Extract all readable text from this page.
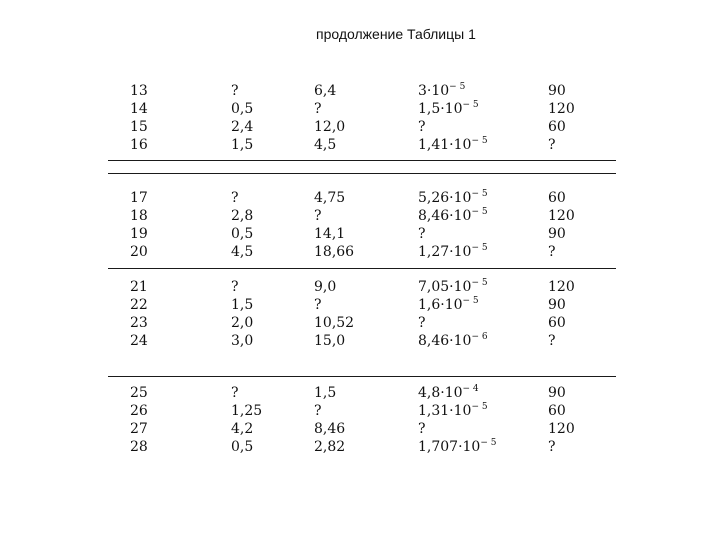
продолжение Таблицы 1
13	?	6,4	$3\cdot 10^{- 5}$	90
14	0,5	?	$1,5\cdot 10^{- 5}$	120
15	2,4	12,0	?	60
16	1,5	4,5	$1,41\cdot 10^{- 5}$	?
17	?	4,75	$5,26\cdot 10^{- 5}$	60
18	2,8	?	$8,46\cdot 10^{- 5}$	120
19	0,5	14,1	?	90
20	4,5	18,66	$1,27\cdot 10^{- 5}$	?
21	?	9,0	$7,05\cdot 10^{- 5}$	120
22	1,5	?	$1,6\cdot 10^{- 5}$	90
23	2,0	10,52	?	60
24	3,0	15,0	$8,46\cdot 10^{- 6}$	?
25	?	1,5	$4,8\cdot 10^{- 4}$	90
26	1,25	?	$1,31\cdot 10^{- 5}$	60
27	4,2	8,46	?	120
28	0,5	2,82	$1,707\cdot 10^{- 5}$	?
